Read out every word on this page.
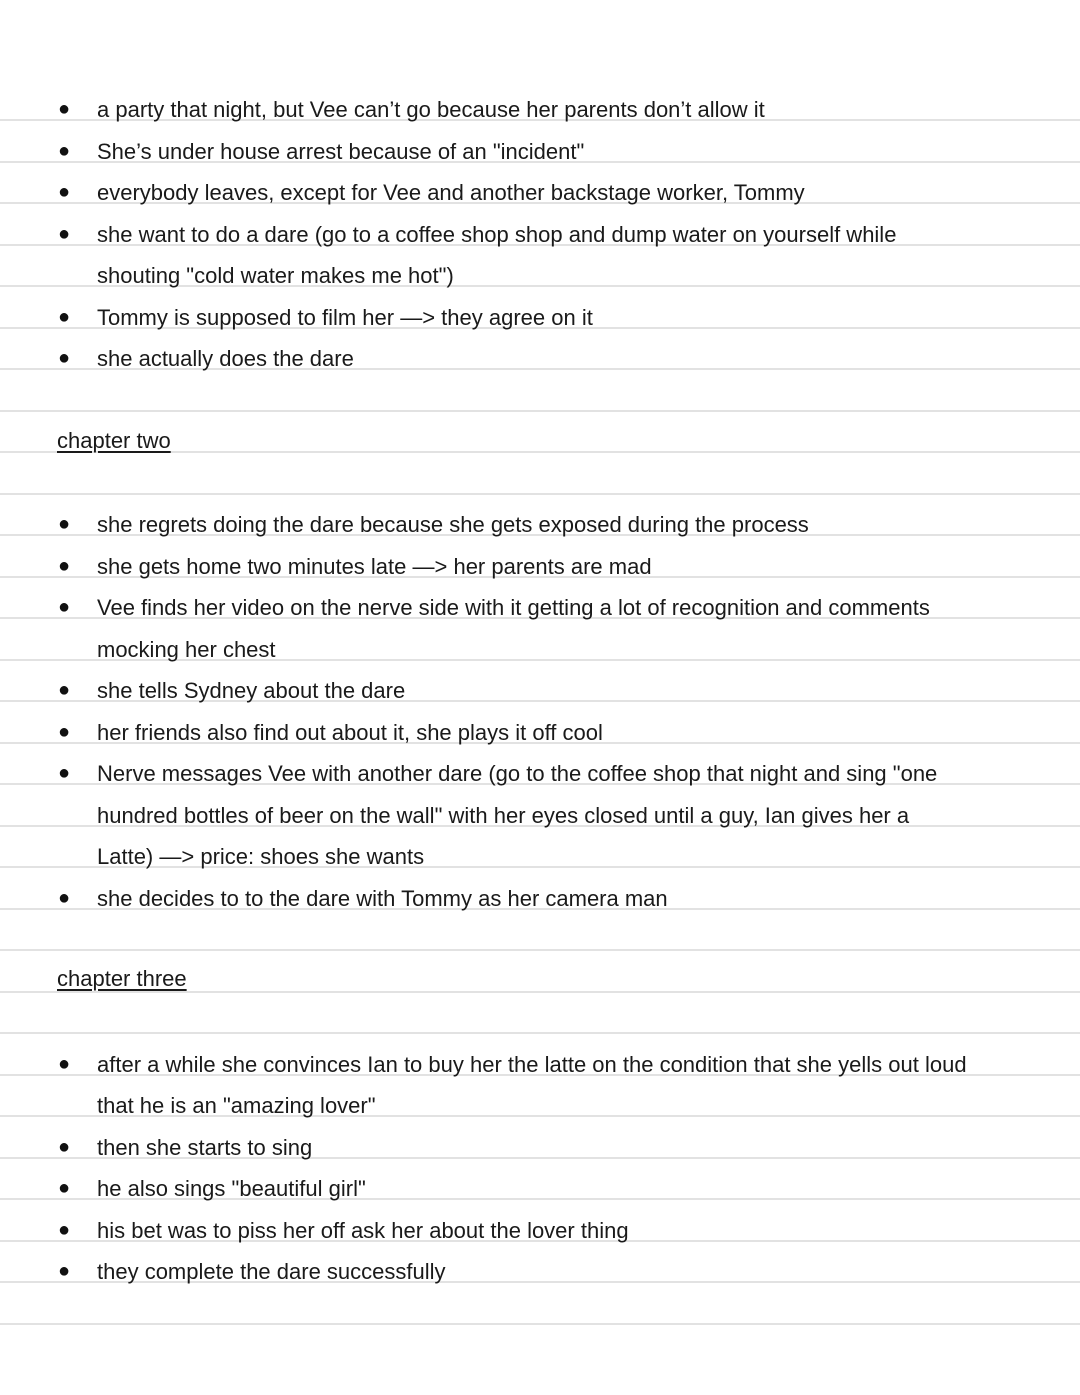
● a party that night, but Vee can’t go because her parents don’t allow it
● She’s under house arrest because of an "incident"
● everybody leaves, except for Vee and another backstage worker, Tommy
● she want to do a dare (go to a coffee shop shop and dump water on yourself while
shouting "cold water makes me hot")
● Tommy is supposed to film her —> they agree on it
● she actually does the dare
chapter two
● she regrets doing the dare because she gets exposed during the process
● she gets home two minutes late —> her parents are mad
● Vee finds her video on the nerve side with it getting a lot of recognition and comments
mocking her chest
● she tells Sydney about the dare
● her friends also find out about it, she plays it off cool
● Nerve messages Vee with another dare (go to the coffee shop that night and sing "one
hundred bottles of beer on the wall" with her eyes closed until a guy, Ian gives her a
Latte) —> price: shoes she wants
● she decides to to the dare with Tommy as her camera man
chapter three
● after a while she convinces Ian to buy her the latte on the condition that she yells out loud
that he is an "amazing lover"
● then she starts to sing
● he also sings "beautiful girl"
● his bet was to piss her off ask her about the lover thing
● they complete the dare successfully
